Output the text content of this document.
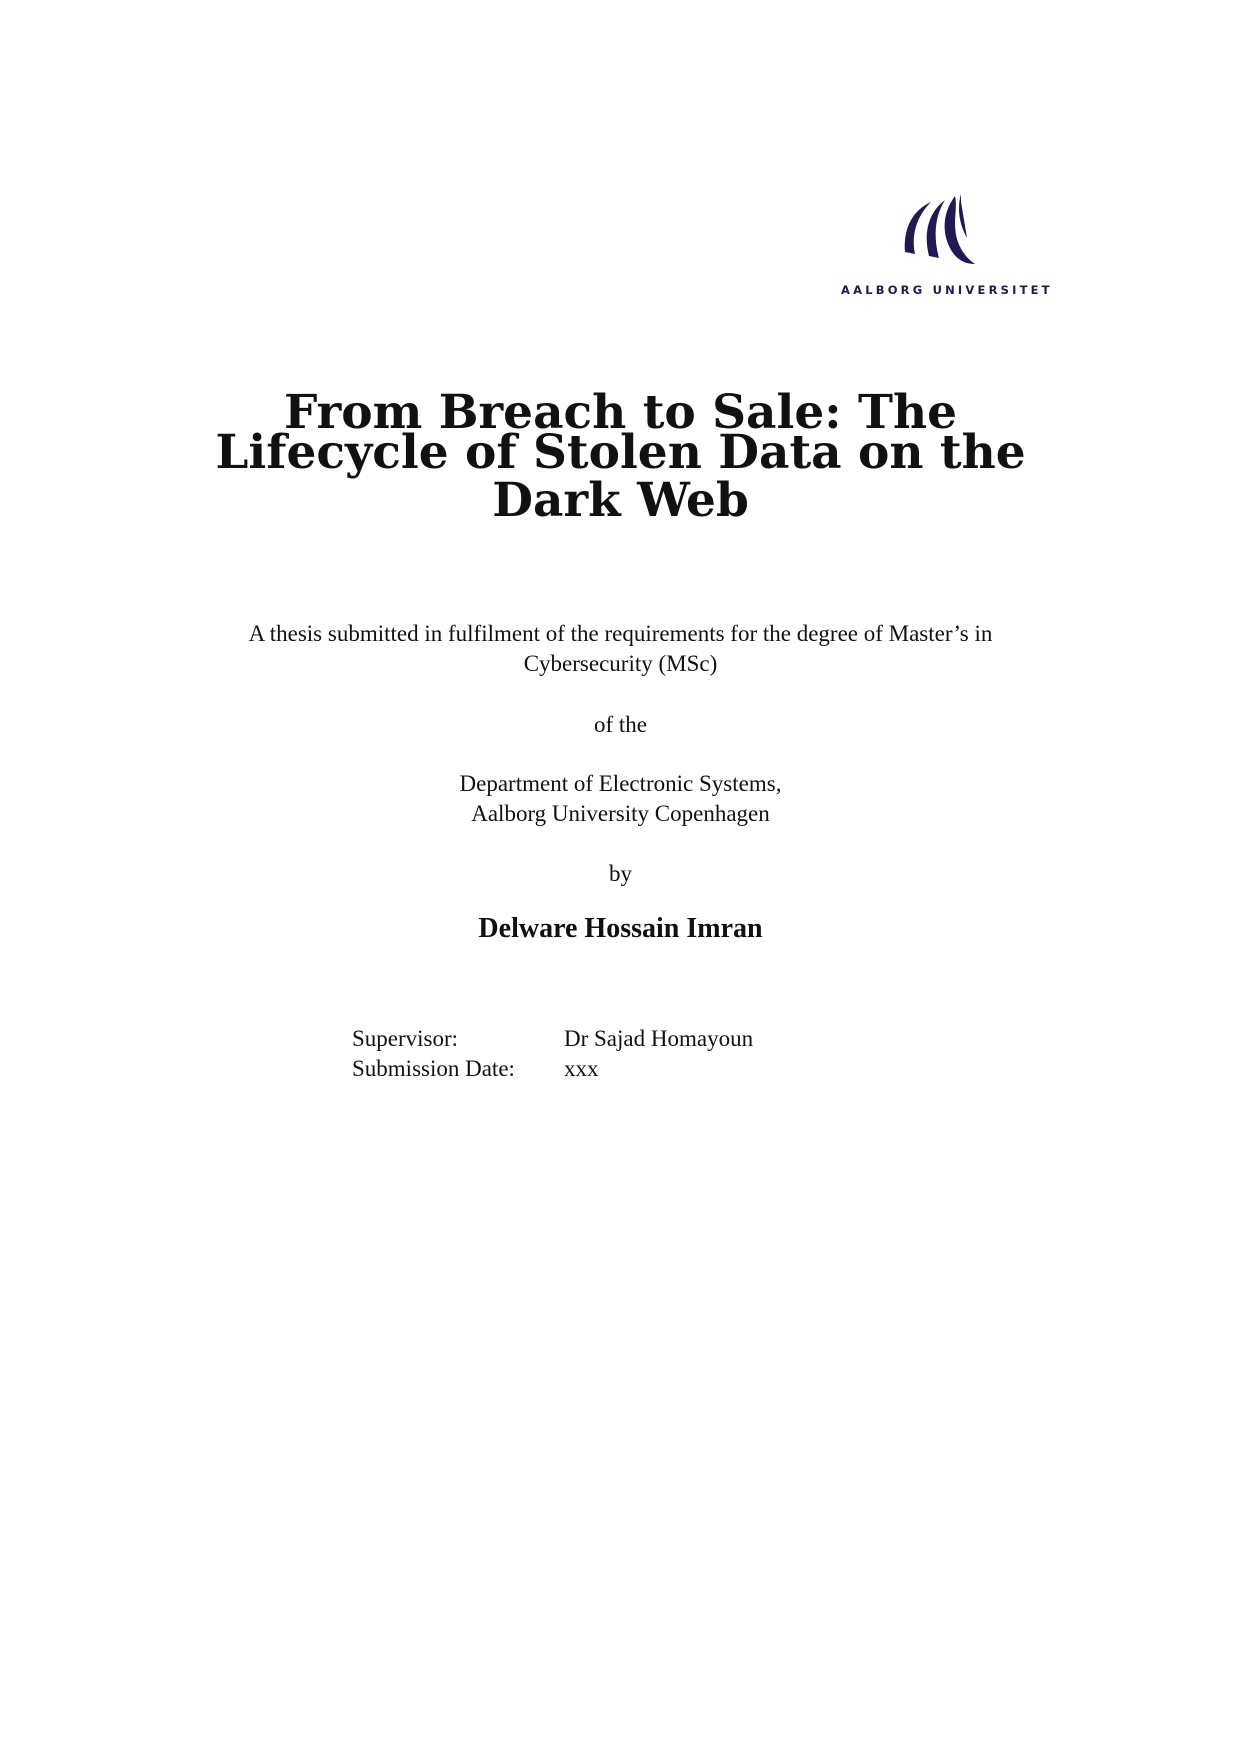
AALBORG UNIVERSITET
From Breach to Sale: The
Lifecycle of Stolen Data on the

Dark Web
A thesis submitted in fulfilment of the requirements for the degree of Master’s in
Cybersecurity (MSc)
of the
Department of Electronic Systems,
Aalborg University Copenhagen
by
Delware Hossain Imran
Supervisor:	Dr Sajad Homayoun
Submission Date:	xxx
